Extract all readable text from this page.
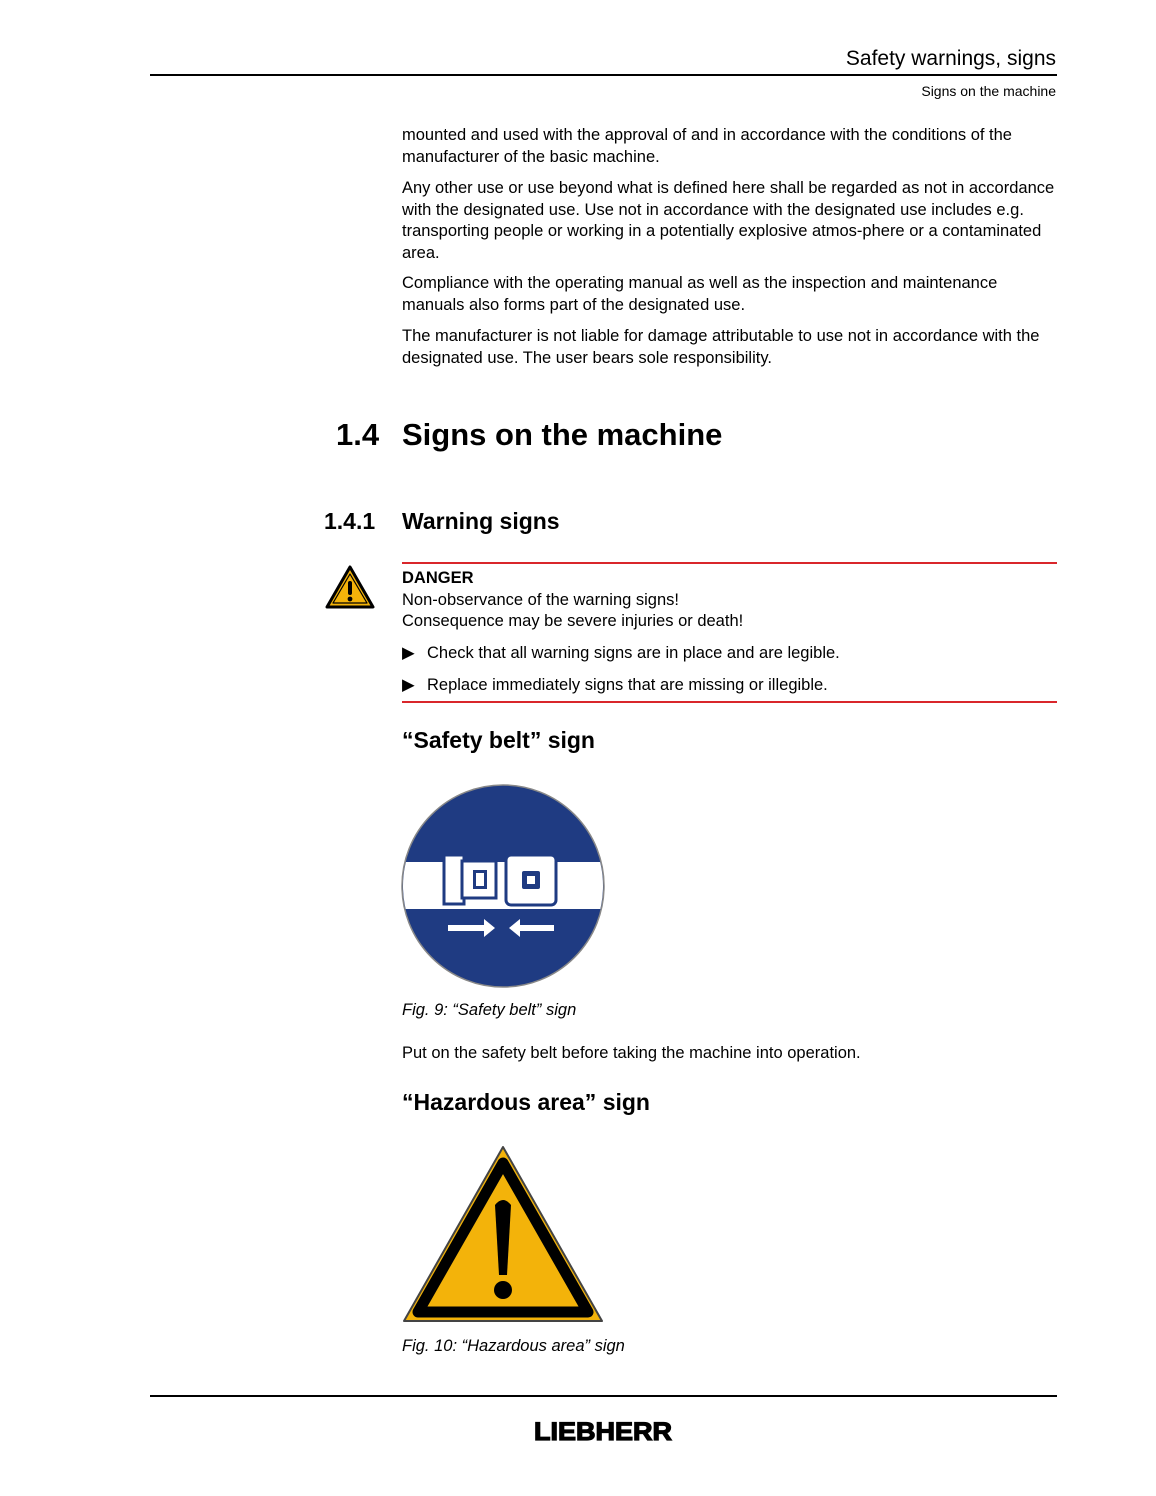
Safety warnings, signs
Signs on the machine
mounted and used with the approval of and in accordance with the conditions of the manufacturer of the basic machine.
Any other use or use beyond what is defined here shall be regarded as not in accordance with the designated use. Use not in accordance with the designated use includes e.g. transporting people or working in a potentially explosive atmos-phere or a contaminated area.
Compliance with the operating manual as well as the inspection and maintenance manuals also forms part of the designated use.
The manufacturer is not liable for damage attributable to use not in accordance with the designated use. The user bears sole responsibility.
1.4 Signs on the machine
1.4.1 Warning signs
DANGER
Non-observance of the warning signs!
Consequence may be severe injuries or death!
▶ Check that all warning signs are in place and are legible.
▶ Replace immediately signs that are missing or illegible.
“Safety belt” sign
Fig. 9: “Safety belt” sign
Put on the safety belt before taking the machine into operation.
“Hazardous area” sign
Fig. 10: “Hazardous area” sign
LIEBHERR
